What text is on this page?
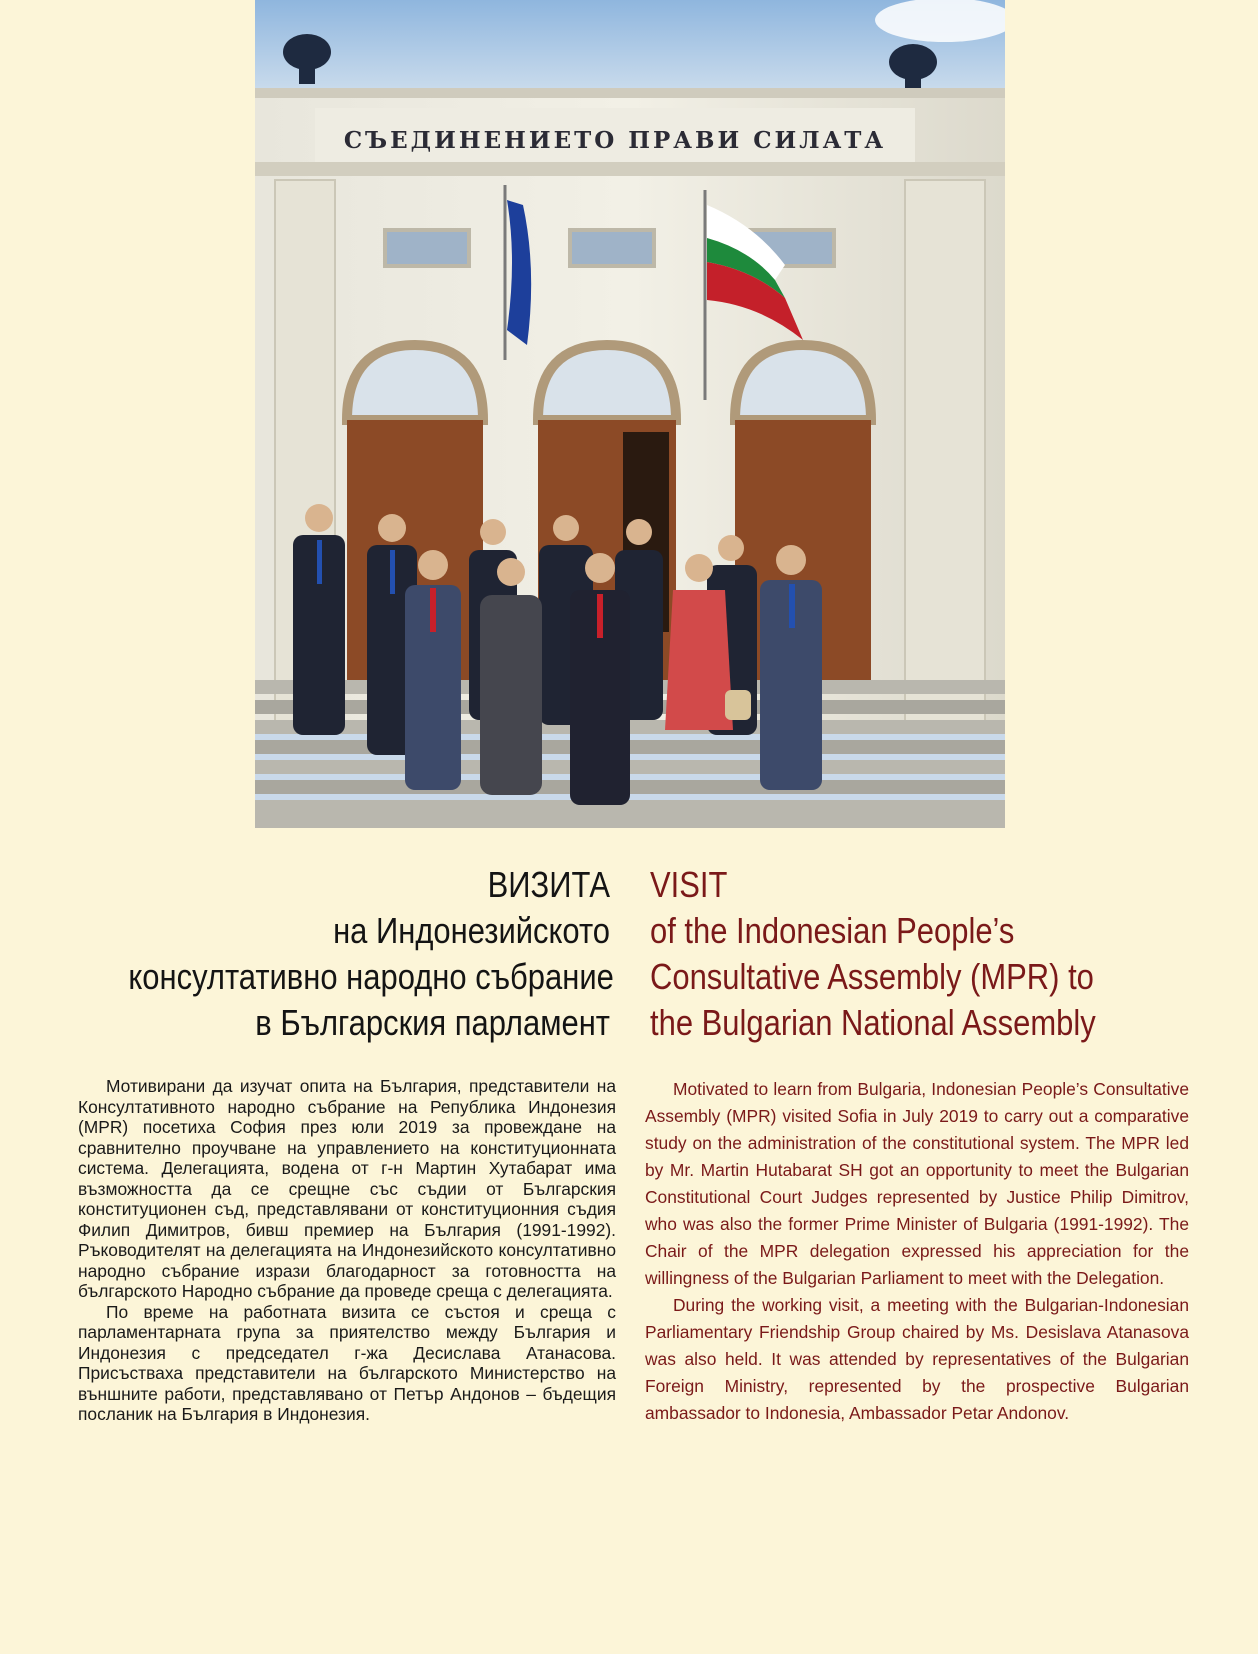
СЪЕДИНЕНИЕТО ПРАВИ СИЛАТА
ВИЗИТА
на Индонезийското
консултативно народно събрание
в Българския парламент
VISIT
of the Indonesian People’s
Consultative Assembly (MPR) to
the Bulgarian National Assembly

Мотивирани да изучат опита на България, представители на Консултативното народно събрание на Република Индонезия (MPR) посетиха София през юли 2019 за провеждане на сравнително проучване на управлението на конституционната система. Делегацията, водена от г-н Мартин Хутабарат има възможността да се срещне със съдии от Българския конституционен съд, представлявани от конституционния съдия Филип Димитров, бивш премиер на България (1991-1992). Ръководителят на делегацията на Индонезийското консултативно народно събрание изрази благодарност за готовността на българското Народно събрание да проведе среща с делегацията.

По време на работната визита се състоя и среща с парламентарната група за приятелство между България и Индонезия с председател г-жа Десислава Атанасова. Присъстваха представители на българското Министерство на външните работи, представлявано от Петър Андонов – бъдещия посланик на България в Индонезия.

Motivated to learn from Bulgaria, Indonesian People’s Consultative Assembly (MPR) visited Sofia in July 2019 to carry out a comparative study on the administration of the constitutional system. The MPR led by Mr. Martin Hutabarat SH got an opportunity to meet the Bulgarian Constitutional Court Judges represented by Justice Philip Dimitrov, who was also the former Prime Minister of Bulgaria (1991-1992). The Chair of the MPR delegation expressed his appreciation for the willingness of the Bulgarian Parliament to meet with the Delegation.

During the working visit, a meeting with the Bulgarian-Indonesian Parliamentary Friendship Group chaired by Ms. Desislava Atanasova was also held. It was attended by representatives of the Bulgarian Foreign Ministry, represented by the prospective Bulgarian ambassador to Indonesia, Ambassador Petar Andonov.
